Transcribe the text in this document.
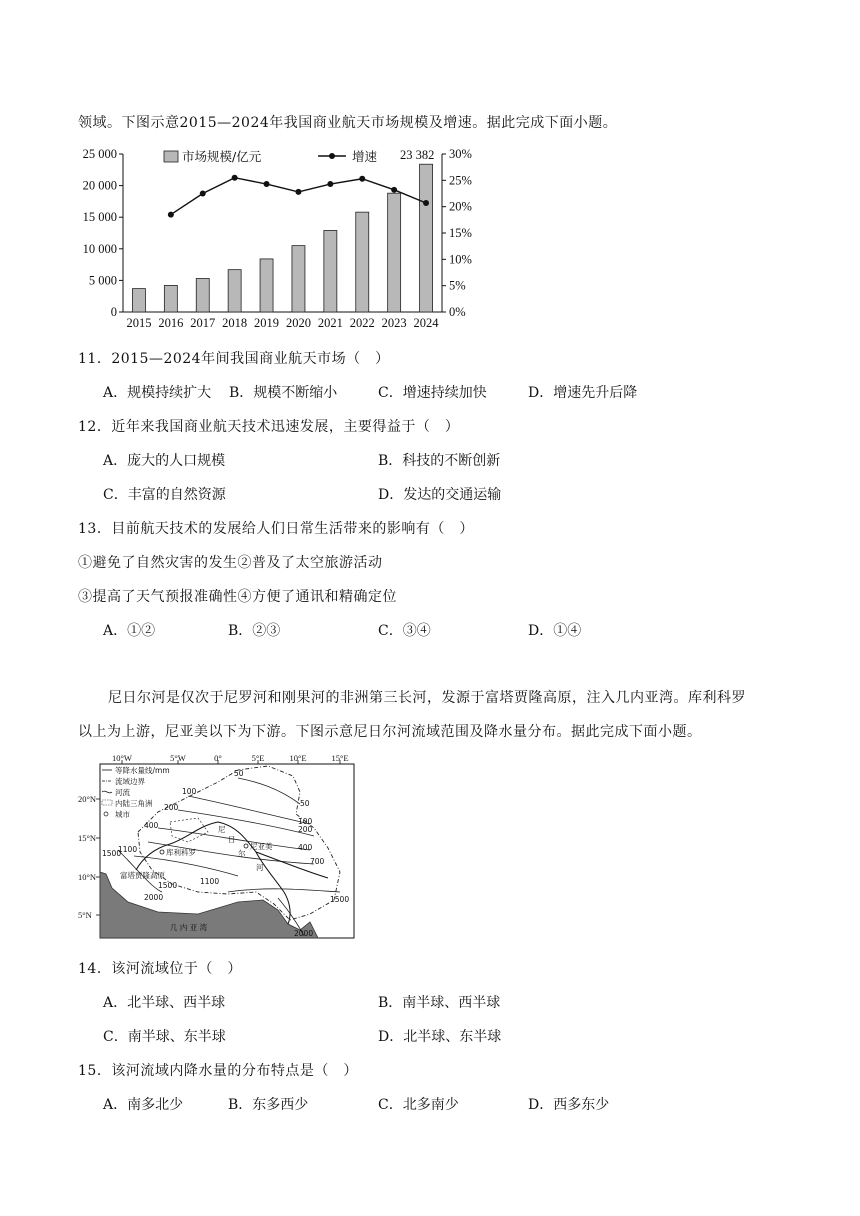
领域。下图示意2015—2024年我国商业航天市场规模及增速。据此完成下面小题。
0
5 000
10 000
15 000
20 000
25 000
0%
5%
10%
15%
20%
25%
30%
2015 2016 2017 2018 2019 2020 2021 2022 2023 2024
市场规模/亿元	增速 23 382
11．2015—2024年间我国商业航天市场（　）
A．规模持续扩大 B．规模不断缩小	C．增速持续加快	D．增速先升后降
12．近年来我国商业航天技术迅速发展，主要得益于（　）
A．庞大的人口规模	B．科技的不断创新
C．丰富的自然资源	D．发达的交通运输
13．目前航天技术的发展给人们日常生活带来的影响有（　）
①避免了自然灾害的发生②普及了太空旅游活动
③提高了天气预报准确性④方便了通讯和精确定位
A．①②	B．②③	C．③④	D．①④
尼日尔河是仅次于尼罗河和刚果河的非洲第三长河，发源于富塔贾隆高原，注入几内亚湾。库利科罗
以上为上游，尼亚美以下为下游。下图示意尼日尔河流域范围及降水量分布。据此完成下面小题。
10°W	5°W	0°	5°E	10°E	15°E
20°N
15°N
10°N
5°N
几 内 亚 湾
库利科罗
尼亚美
富塔贾隆高原
尼
日
尔
河
50
50
100
100
200
200
400
400
700
1100
1100
1500
1500
1500
2000
2000
等降水量线/mm
流域边界
河流
内陆三角洲
城市
14．该河流域位于（　）
A．北半球、西半球	B．南半球、西半球
C．南半球、东半球	D．北半球、东半球
15．该河流域内降水量的分布特点是（　）
A．南多北少	B．东多西少	C．北多南少	D．西多东少
